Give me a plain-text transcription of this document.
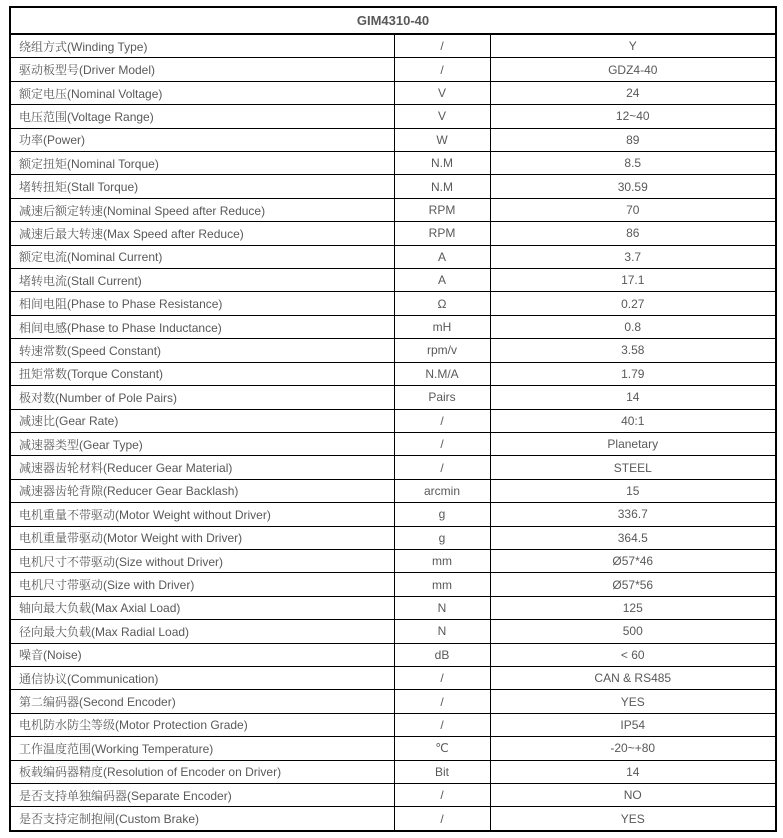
GIM4310-40		
绕组方式(Winding Type)	/	Y
驱动板型号(Driver Model)	/	GDZ4-40
额定电压(Nominal Voltage)	V	24
电压范围(Voltage Range)	V	12~40
功率(Power)	W	89
额定扭矩(Nominal Torque)	N.M	8.5
堵转扭矩(Stall Torque)	N.M	30.59
减速后额定转速(Nominal Speed after Reduce)	RPM	70
减速后最大转速(Max Speed after Reduce)	RPM	86
额定电流(Nominal Current)	A	3.7
堵转电流(Stall Current)	A	17.1
相间电阻(Phase to Phase Resistance)	Ω	0.27
相间电感(Phase to Phase Inductance)	mH	0.8
转速常数(Speed Constant)	rpm/v	3.58
扭矩常数(Torque Constant)	N.M/A	1.79
极对数(Number of Pole Pairs)	Pairs	14
减速比(Gear Rate)	/	40:1
减速器类型(Gear Type)	/	Planetary
减速器齿轮材料(Reducer Gear Material)	/	STEEL
减速器齿轮背隙(Reducer Gear Backlash)	arcmin	15
电机重量不带驱动(Motor Weight without Driver)	g	336.7
电机重量带驱动(Motor Weight with Driver)	g	364.5
电机尺寸不带驱动(Size without Driver)	mm	Ø57*46
电机尺寸带驱动(Size with Driver)	mm	Ø57*56
轴向最大负载(Max Axial Load)	N	125
径向最大负载(Max Radial Load)	N	500
噪音(Noise)	dB	< 60
通信协议(Communication)	/	CAN & RS485
第二编码器(Second Encoder)	/	YES
电机防水防尘等级(Motor Protection Grade)	/	IP54
工作温度范围(Working Temperature)	℃	-20~+80
板载编码器精度(Resolution of Encoder on Driver)	Bit	14
是否支持单独编码器(Separate Encoder)	/	NO
是否支持定制抱闸(Custom Brake)	/	YES
